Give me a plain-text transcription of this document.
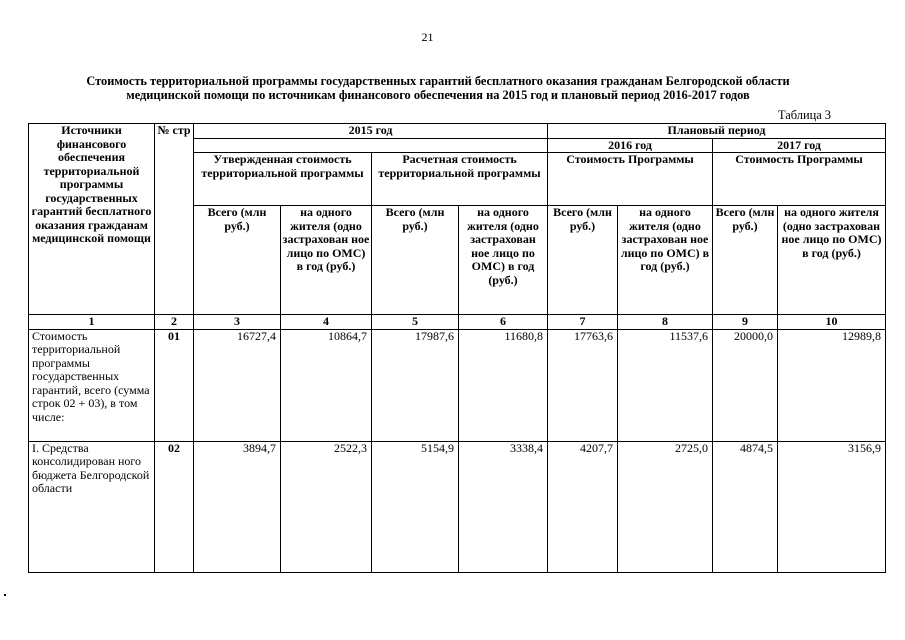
21
Стоимость территориальной программы государственных гарантий бесплатного оказания гражданам Белгородской области
медицинской помощи по источникам финансового обеспечения на 2015 год и плановый период 2016-2017 годов
Таблица 3
Источники финансового обеспечения территориальной программы государственных гарантий бесплатного оказания гражданам медицинской помощи	№ стр	2015 год				Плановый период			
						2016 год		2017 год	
		Утвержденная стоимость территориальной программы		Расчетная стоимость территориальной программы		Стоимость Программы		Стоимость Программы	
		Всего (млн руб.)	на одного жителя (одно застрахован ное лицо по ОМС) в год (руб.)	Всего (млн руб.)	на одного жителя (одно застрахован ное лицо по ОМС) в год (руб.)	Всего (млн руб.)	на одного жителя (одно застрахован ное лицо по ОМС) в год (руб.)	Всего (млн руб.)	на одного жителя (одно застрахован ное лицо по ОМС) в год (руб.)
1	2	3	4	5	6	7	8	9	10
Стоимость территориальной программы государственных гарантий, всего (сумма строк 02 + 03), в том числе:	01	16727,4	10864,7	17987,6	11680,8	17763,6	11537,6	20000,0	12989,8
I. Средства консолидирован ного бюджета Белгородской области	02	3894,7	2522,3	5154,9	3338,4	4207,7	2725,0	4874,5	3156,9
